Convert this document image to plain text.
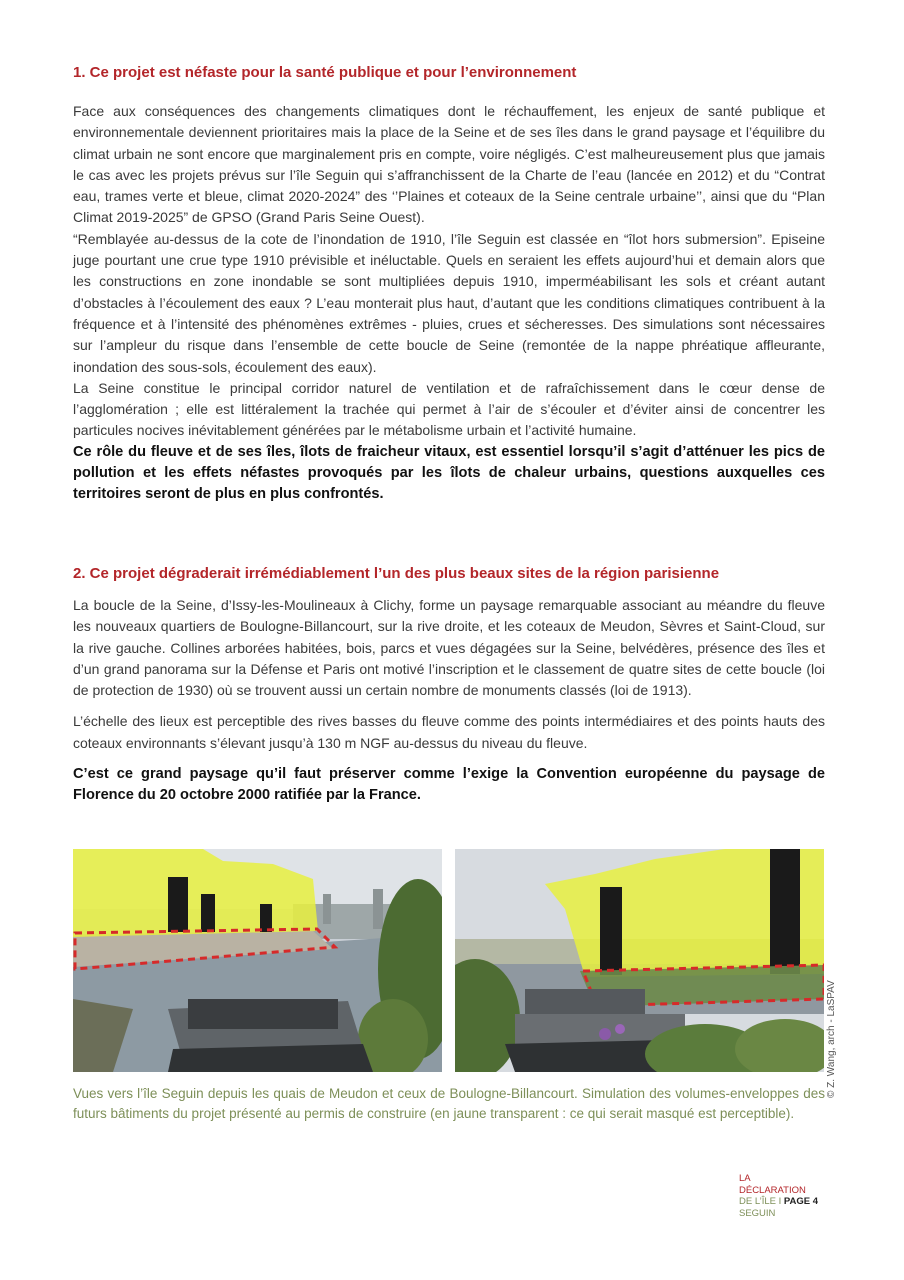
1. Ce projet est néfaste pour la santé publique et pour l’environnement

Face aux conséquences des changements climatiques dont le réchauffement, les enjeux de santé publique et environnementale deviennent prioritaires mais la place de la Seine et de ses îles dans le grand paysage et l’équilibre du climat urbain ne sont encore que marginalement pris en compte, voire négligés. C’est malheureusement plus que jamais le cas avec les projets prévus sur l’île Seguin qui s’affranchissent de la Charte de l’eau (lancée en 2012) et du “Contrat eau, trames verte et bleue, climat 2020-2024” des ‘’Plaines et coteaux de la Seine centrale urbaine’’, ainsi que du “Plan Climat 2019-2025” de GPSO (Grand Paris Seine Ouest).

“Remblayée au-dessus de la cote de l’inondation de 1910, l’île Seguin est classée en “îlot hors submersion”. Episeine juge pourtant une crue type 1910 prévisible et inéluctable. Quels en seraient les effets aujourd’hui et demain alors que les constructions en zone inondable se sont multipliées depuis 1910, imperméabilisant les sols et créant autant d’obstacles à l’écoulement des eaux ? L’eau monterait plus haut, d’autant que les conditions climatiques contribuent à la fréquence et à l’intensité des phénomènes extrêmes - pluies, crues et sécheresses. Des simulations sont nécessaires sur l’ampleur du risque dans l’ensemble de cette boucle de Seine (remontée de la nappe phréatique affleurante, inondation des sous-sols, écoulement des eaux).

La Seine constitue le principal corridor naturel de ventilation et de rafraîchissement dans le cœur dense de l’agglomération ; elle est littéralement la trachée qui permet à l’air de s’écouler et d’éviter ainsi de concentrer les particules nocives inévitablement générées par le métabolisme urbain et l’activité humaine.

Ce rôle du fleuve et de ses îles, îlots de fraicheur vitaux, est essentiel lorsqu’il s’agit d’atténuer les pics de pollution et les effets néfastes provoqués par les îlots de chaleur urbains, questions auxquelles ces territoires seront de plus en plus confrontés.

2. Ce projet dégraderait irrémédiablement l’un des plus beaux sites de la région parisienne

La boucle de la Seine, d’Issy-les-Moulineaux à Clichy, forme un paysage remarquable associant au méandre du fleuve les nouveaux quartiers de Boulogne-Billancourt, sur la rive droite, et les coteaux de Meudon, Sèvres et Saint-Cloud, sur la rive gauche. Collines arborées habitées, bois, parcs et vues dégagées sur la Seine, belvédères, présence des îles et d’un grand panorama sur la Défense et Paris ont motivé l’inscription et le classement de quatre sites de cette boucle (loi de protection de 1930) où se trouvent aussi un certain nombre de monuments classés (loi de 1913).

L’échelle des lieux est perceptible des rives basses du fleuve comme des points intermédiaires et des points hauts des coteaux environnants s’élevant jusqu’à 130 m NGF au-dessus du niveau du fleuve.

C’est ce grand paysage qu’il faut préserver comme l’exige la Convention européenne du paysage de Florence du 20 octobre 2000 ratifiée par la France.

Vues vers l’île Seguin depuis les quais de Meudon et ceux de Boulogne-Billancourt. Simulation des volumes-enveloppes des futurs bâtiments du projet présenté au permis de construire (en jaune transparent : ce qui serait masqué est perceptible).

© Z. Wang, arch - LaSPAV
LA
DÉCLARATION
DE L’ÎLE I PAGE 4
SEGUIN
